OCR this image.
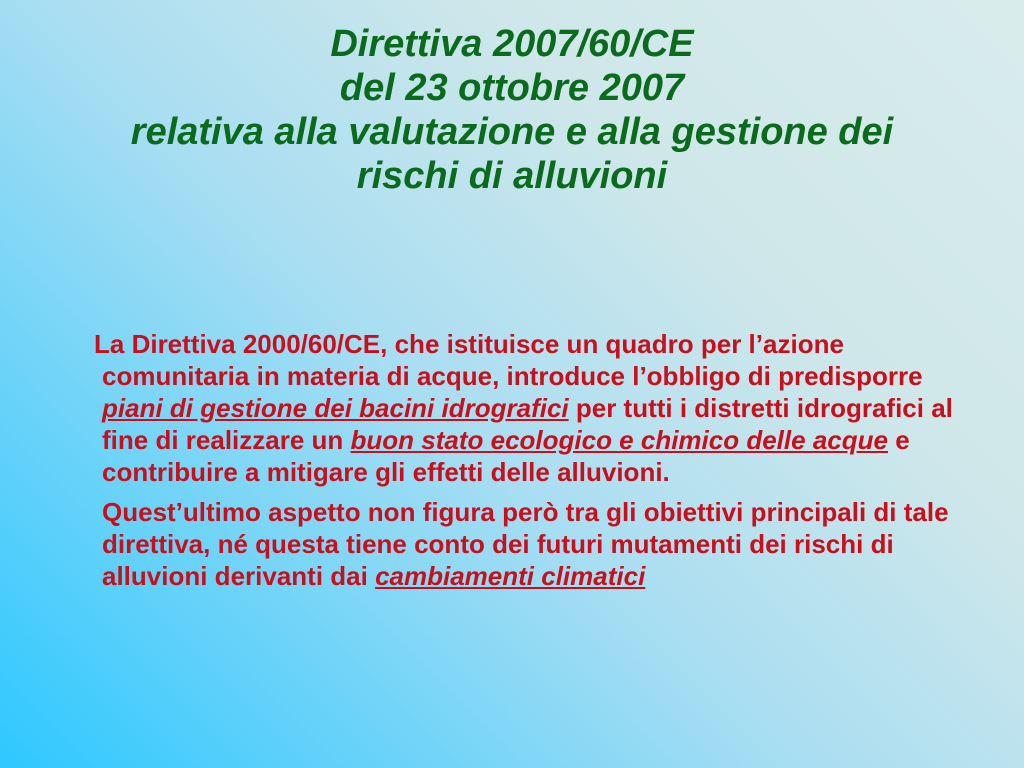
Direttiva 2007/60/CE
del 23 ottobre 2007
relativa alla valutazione e alla gestione dei
rischi di alluvioni

La Direttiva 2000/60/CE, che istituisce un quadro per l’azione comunitaria in materia di acque, introduce l’obbligo di predisporre piani di gestione dei bacini idrografici per tutti i distretti idrografici al fine di realizzare un buon stato ecologico e chimico delle acque e contribuire a mitigare gli effetti delle alluvioni.

Quest’ultimo aspetto non figura però tra gli obiettivi principali di tale direttiva, né questa tiene conto dei futuri mutamenti dei rischi di alluvioni derivanti dai cambiamenti climatici
